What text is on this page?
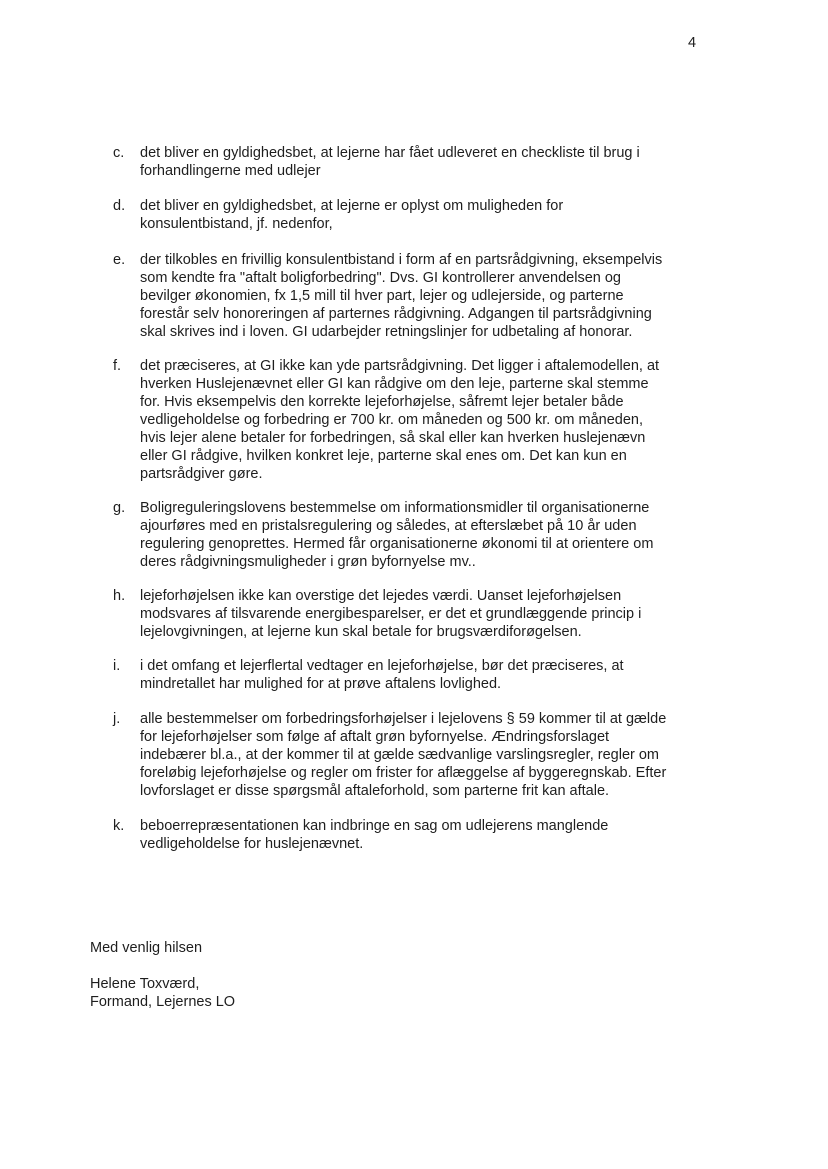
4
c.	det bliver en gyldighedsbet, at lejerne har fået udleveret en checkliste til brug i
forhandlingerne med udlejer
d.	det bliver en gyldighedsbet, at lejerne er oplyst om muligheden for
konsulentbistand, jf. nedenfor,
e.	der tilkobles en frivillig konsulentbistand i form af en partsrådgivning, eksempelvis
som kendte fra "aftalt boligforbedring". Dvs. GI kontrollerer anvendelsen og
bevilger økonomien, fx 1,5 mill til hver part, lejer og udlejerside, og parterne
forestår selv honoreringen af parternes rådgivning. Adgangen til partsrådgivning
skal skrives ind i loven. GI udarbejder retningslinjer for udbetaling af honorar.
f.	det præciseres, at GI ikke kan yde partsrådgivning. Det ligger i aftalemodellen, at
hverken Huslejenævnet eller GI kan rådgive om den leje, parterne skal stemme
for. Hvis eksempelvis den korrekte lejeforhøjelse, såfremt lejer betaler både
vedligeholdelse og forbedring er 700 kr. om måneden og 500 kr. om måneden,
hvis lejer alene betaler for forbedringen, så skal eller kan hverken huslejenævn
eller GI rådgive, hvilken konkret leje, parterne skal enes om. Det kan kun en
partsrådgiver gøre.
g.	Boligreguleringslovens bestemmelse om informationsmidler til organisationerne
ajourføres med en pristalsregulering og således, at efterslæbet på 10 år uden
regulering genoprettes. Hermed får organisationerne økonomi til at orientere om
deres rådgivningsmuligheder i grøn byfornyelse mv..
h.	lejeforhøjelsen ikke kan overstige det lejedes værdi. Uanset lejeforhøjelsen
modsvares af tilsvarende energibesparelser, er det et grundlæggende princip i
lejelovgivningen, at lejerne kun skal betale for brugsværdiforøgelsen.
i.	i det omfang et lejerflertal vedtager en lejeforhøjelse, bør det præciseres, at
mindretallet har mulighed for at prøve aftalens lovlighed.
j.	alle bestemmelser om forbedringsforhøjelser i lejelovens § 59 kommer til at gælde
for lejeforhøjelser som følge af aftalt grøn byfornyelse. Ændringsforslaget
indebærer bl.a., at der kommer til at gælde sædvanlige varslingsregler, regler om
foreløbig lejeforhøjelse og regler om frister for aflæggelse af byggeregnskab. Efter
lovforslaget er disse spørgsmål aftaleforhold, som parterne frit kan aftale.
k.	beboerrepræsentationen kan indbringe en sag om udlejerens manglende
vedligeholdelse for huslejenævnet.
Med venlig hilsen
Helene Toxværd,
Formand, Lejernes LO
